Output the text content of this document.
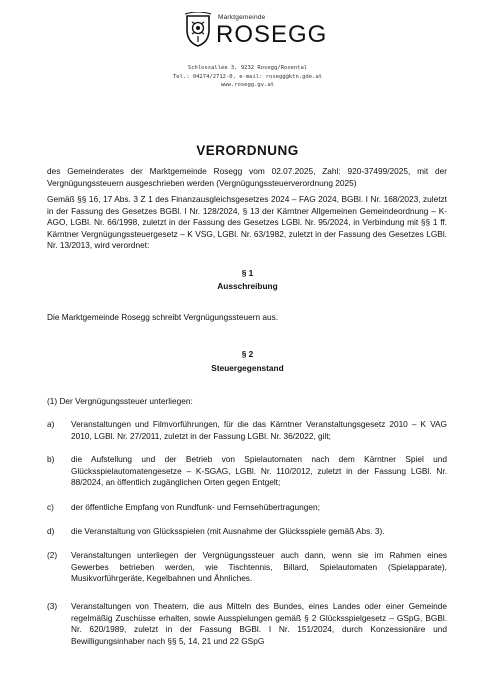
Marktgemeinde
ROSEGG
Schlossallee 3, 9232 Rosegg/Rosental
Tel.: 04274/2712-0, e-mail: rosegg@ktn.gde.at
www.rosegg.gv.at
VERORDNUNG
des Gemeinderates der Marktgemeinde Rosegg vom 02.07.2025, Zahl: 920-37499/2025, mit der Vergnügungssteuern ausgeschrieben werden (Vergnügungssteuerverordnung 2025)
Gemäß §§ 16, 17 Abs. 3 Z 1 des Finanzausgleichsgesetzes 2024 – FAG 2024, BGBl. I Nr. 168/2023, zuletzt in der Fassung des Gesetzes BGBl. I Nr. 128/2024, § 13 der Kärntner Allgemeinen Gemeindeordnung – K-AGO, LGBl. Nr. 66/1998, zuletzt in der Fassung des Gesetzes LGBl. Nr. 95/2024, in Verbindung mit §§ 1 ff. Kärntner Vergnügungssteuergesetz – K VSG, LGBl. Nr. 63/1982, zuletzt in der Fassung des Gesetzes LGBl. Nr. 13/2013, wird verordnet:
§ 1
Ausschreibung
Die Marktgemeinde Rosegg schreibt Vergnügungssteuern aus.
§ 2
Steuergegenstand
(1) Der Vergnügungssteuer unterliegen:
a)	Veranstaltungen und Filmvorführungen, für die das Kärntner Veranstaltungsgesetz 2010 – K VAG 2010, LGBl. Nr. 27/2011, zuletzt in der Fassung LGBl. Nr. 36/2022, gilt;
b)	die Aufstellung und der Betrieb von Spielautomaten nach dem Kärntner Spiel und Glücksspielautomatengesetze – K-SGAG, LGBl. Nr. 110/2012, zuletzt in der Fassung LGBl. Nr. 88/2024, an öffentlich zugänglichen Orten gegen Entgelt;
c)	der öffentliche Empfang von Rundfunk- und Fernsehübertragungen;
d)	die Veranstaltung von Glücksspielen (mit Ausnahme der Glücksspiele gemäß Abs. 3).
(2)	Veranstaltungen unterliegen der Vergnügungssteuer auch dann, wenn sie im Rahmen eines Gewerbes betrieben werden, wie Tischtennis, Billard, Spielautomaten (Spielapparate), Musikvorführgeräte, Kegelbahnen und Ähnliches.
(3)	Veranstaltungen von Theatern, die aus Mitteln des Bundes, eines Landes oder einer Gemeinde regelmäßig Zuschüsse erhalten, sowie Ausspielungen gemäß § 2 Glücksspielgesetz – GSpG, BGBl. Nr. 620/1989, zuletzt in der Fassung BGBl. I Nr. 151/2024, durch Konzessionäre und Bewilligungsinhaber nach §§ 5, 14, 21 und 22 GSpG
